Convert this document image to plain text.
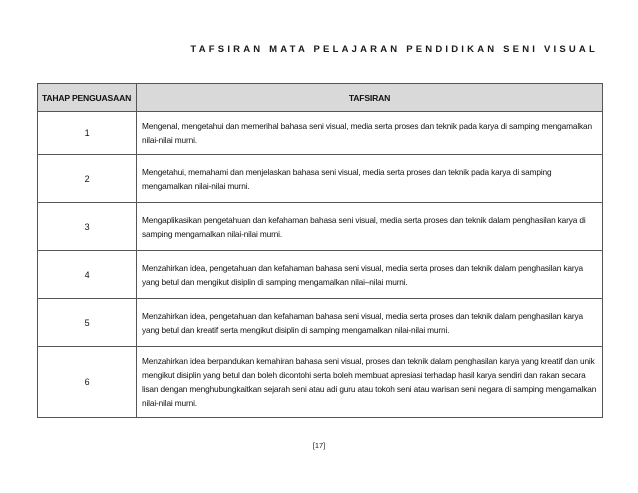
TAFSIRAN MATA PELAJARAN PENDIDIKAN SENI VISUAL
TAHAP PENGUASAAN	TAFSIRAN
1	Mengenal, mengetahui dan memerihal bahasa seni visual, media serta proses dan teknik pada karya di samping mengamalkan nilai-nilai murni.
2	Mengetahui, memahami dan menjelaskan bahasa seni visual, media serta proses dan teknik pada karya di samping mengamalkan nilai-nilai murni.
3	Mengaplikasikan pengetahuan dan kefahaman bahasa seni visual, media serta proses dan teknik dalam penghasilan karya di samping mengamalkan nilai-nilai murni.
4	Menzahirkan idea, pengetahuan dan kefahaman bahasa seni visual, media serta proses dan teknik dalam penghasilan karya yang betul dan mengikut disiplin di samping mengamalkan nilai–nilai murni.
5	Menzahirkan idea, pengetahuan dan kefahaman bahasa seni visual, media serta proses dan teknik dalam penghasilan karya yang betul dan kreatif serta mengikut disiplin di samping mengamalkan nilai-nilai murni.
6	Menzahirkan idea berpandukan kemahiran bahasa seni visual, proses dan teknik dalam penghasilan karya yang kreatif dan unik mengikut disiplin yang betul dan boleh dicontohi serta boleh membuat apresiasi terhadap hasil karya sendiri dan rakan secara lisan dengan menghubungkaitkan sejarah seni atau adi guru atau tokoh seni atau warisan seni negara di samping mengamalkan nilai-nilai murni.
[17]
